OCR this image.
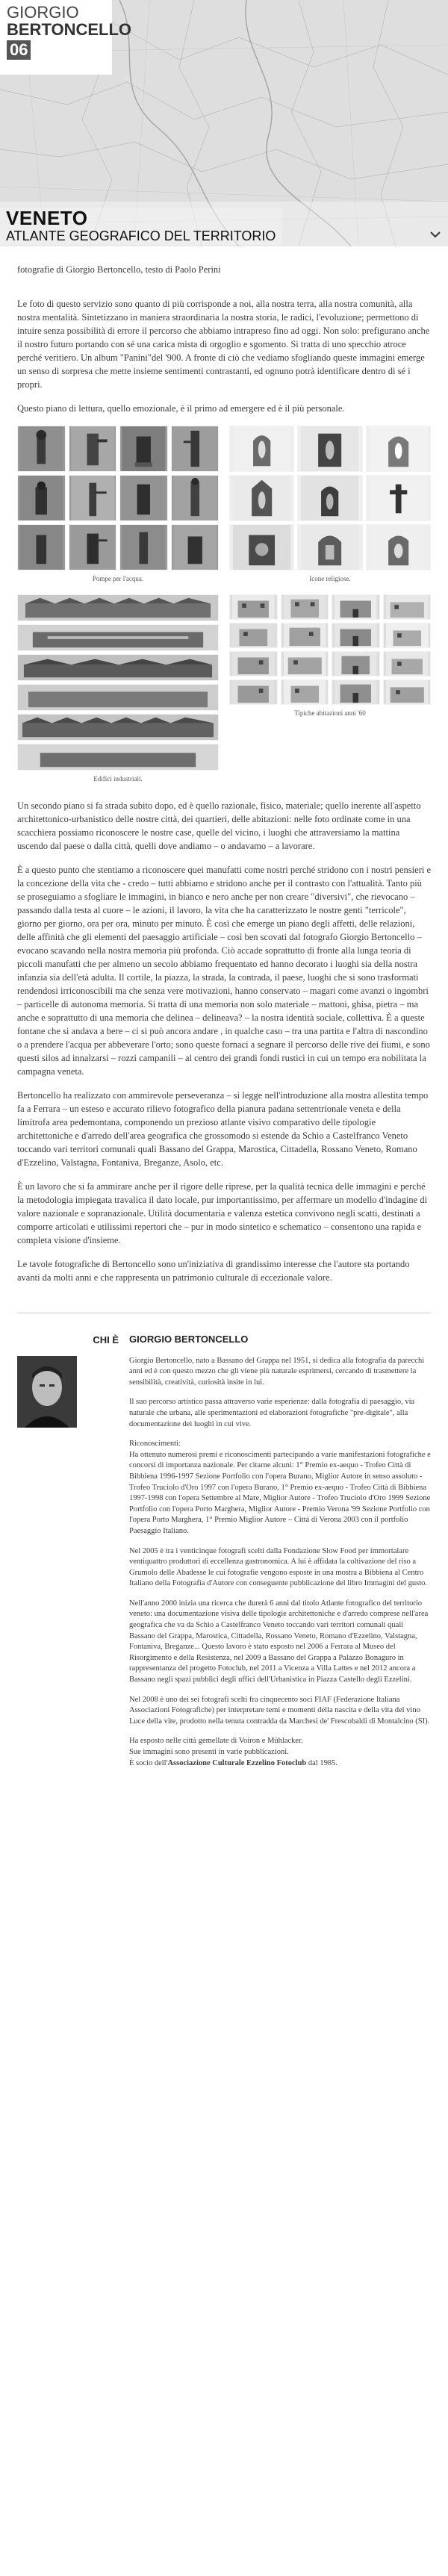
GIORGIO
BERTONCELLO
06
VENETO
ATLANTE GEOGRAFICO DEL TERRITORIO

fotografie di Giorgio Bertoncello, testo di Paolo Perini

Le foto di questo servizio sono quanto di più corrisponde a noi, alla nostra terra, alla nostra comunità, alla nostra mentalità. Sintetizzano in maniera straordinaria la nostra storia, le radici, l'evoluzione; permettono di intuire senza possibilità di errore il percorso che abbiamo intrapreso fino ad oggi. Non solo: prefigurano anche il nostro futuro portando con sé una carica mista di orgoglio e sgomento. Si tratta di uno specchio atroce perché veritiero. Un album "Panini"del '900. A fronte di ciò che vediamo sfogliando queste immagini emerge un senso di sorpresa che mette insieme sentimenti contrastanti, ed ognuno potrà identificare dentro di sé i propri.

Questo piano di lettura, quello emozionale, è il primo ad emergere ed è il più personale.

Pompe per l'acqua.	Icone religiose.
Edifici industriali.
Tipiche abitazioni anni '60

Un secondo piano si fa strada subito dopo, ed è quello razionale, fisico, materiale; quello inerente all'aspetto architettonico-urbanistico delle nostre città, dei quartieri, delle abitazioni: nelle foto ordinate come in una scacchiera possiamo riconoscere le nostre case, quelle del vicino, i luoghi che attraversiamo la mattina uscendo dal paese o dalla città, quelli dove andiamo – o andavamo – a lavorare.

È a questo punto che stentiamo a riconoscere quei manufatti come nostri perché stridono con i nostri pensieri e la concezione della vita che - credo – tutti abbiamo e stridono anche per il contrasto con l'attualità. Tanto più se proseguiamo a sfogliare le immagini, in bianco e nero anche per non creare "diversivi", che rievocano – passando dalla testa al cuore – le azioni, il lavoro, la vita che ha caratterizzato le nostre genti "terricole", giorno per giorno, ora per ora, minuto per minuto. È così che emerge un piano degli affetti, delle relazioni, delle affinità che gli elementi del paesaggio artificiale – così ben scovati dal fotografo Giorgio Bertoncello – evocano scavando nella nostra memoria più profonda. Ciò accade soprattutto di fronte alla lunga teoria di piccoli manufatti che per almeno un secolo abbiamo frequentato ed hanno decorato i luoghi sia della nostra infanzia sia dell'età adulta. Il cortile, la piazza, la strada, la contrada, il paese, luoghi che si sono trasformati rendendosi irriconoscibili ma che senza vere motivazioni, hanno conservato – magari come avanzi o ingombri – particelle di autonoma memoria. Si tratta di una memoria non solo materiale – mattoni, ghisa, pietra – ma anche e soprattutto di una memoria che delinea – delineava? – la nostra identità sociale, collettiva. È a queste fontane che si andava a bere – ci si può ancora andare , in qualche caso – tra una partita e l'altra di nascondino o a prendere l'acqua per abbeverare l'orto; sono queste fornaci a segnare il percorso delle rive dei fiumi, e sono questi silos ad innalzarsi – rozzi campanili – al centro dei grandi fondi rustici in cui un tempo era nobilitata la campagna veneta.

Bertoncello ha realizzato con ammirevole perseveranza – si legge nell'introduzione alla mostra allestita tempo fa a Ferrara – un esteso e accurato rilievo fotografico della pianura padana settentrionale veneta e della limitrofa area pedemontana, componendo un prezioso atlante visivo comparativo delle tipologie architettoniche e d'arredo dell'area geografica che grossomodo si estende da Schio a Castelfranco Veneto toccando vari territori comunali quali Bassano del Grappa, Marostica, Cittadella, Rossano Veneto, Romano d'Ezzelino, Valstagna, Fontaniva, Breganze, Asolo, etc.

È un lavoro che si fa ammirare anche per il rigore delle riprese, per la qualità tecnica delle immagini e perché la metodologia impiegata travalica il dato locale, pur importantissimo, per affermare un modello d'indagine di valore nazionale e sopranazionale. Utilità documentaria e valenza estetica convivono negli scatti, destinati a comporre articolati e utilissimi repertori che – pur in modo sintetico e schematico – consentono una rapida e completa visione d'insieme.

Le tavole fotografiche di Bertoncello sono un'iniziativa di grandissimo interesse che l'autore sta portando avanti da molti anni e che rappresenta un patrimonio culturale di eccezionale valore.

CHI È GIORGIO BERTONCELLO

Giorgio Bertoncello, nato a Bassano del Grappa nel 1951, si dedica alla fotografia da parecchi anni ed è con questo mezzo che gli viene più naturale esprimersi, cercando di trasmettere la sensibilità, creatività, curiosità insite in lui.

Il suo percorso artistico passa attraverso varie esperienze: dalla fotografia di paesaggio, via naturale che urbana, alle sperimentazioni ed elaborazioni fotografiche "pre-digitale", alla documentazione dei luoghi in cui vive.

Riconoscimenti:

Ha ottenuto numerosi premi e riconoscimenti partecipando a varie manifestazioni fotografiche e concorsi di importanza nazionale. Per citarne alcuni: 1° Premio ex-aequo - Trofeo Città di Bibbiena 1996-1997 Sezione Portfolio con l'opera Burano, Miglior Autore in senso assoluto - Trofeo Truciolo d'Oro 1997 con l'opera Burano, 1° Premio ex-aequo - Trofeo Città di Bibbiena 1997-1998 con l'opera Settembre al Mare, Miglior Autore - Trofeo Truciolo d'Oro 1999 Sezione Portfolio con l'opera Porto Marghera, Miglior Autore - Premio Verona '99 Sezione Portfolio con l'opera Porto Marghera, 1° Premio Miglior Autore – Città di Verona 2003 con il portfolio Paesaggio Italiano.

Nel 2005 è tra i venticinque fotografi scelti dalla Fondazione Slow Food per immortalare ventiquattro produttori di eccellenza gastronomica. A lui è affidata la coltivazione del riso a Grumolo delle Abadesse le cui fotografie vengono esposte in una mostra a Bibbiena al Centro Italiano della Fotografia d'Autore con conseguente pubblicazione del libro Immagini del gusto.

Nell'anno 2000 inizia una ricerca che durerà 6 anni dal titolo Atlante fotografico del territorio veneto: una documentazione visiva delle tipologie architettoniche e d'arredo comprese nell'area geografica che va da Schio a Castelfranco Veneto toccando vari territori comunali quali Bassano del Grappa, Marostica, Cittadella, Rossano Veneto, Romano d'Ezzelino, Valstagna, Fontaniva, Breganze... Questo lavoro è stato esposto nel 2006 a Ferrara al Museo del Risorgimento e della Resistenza, nel 2009 a Bassano del Grappa a Palazzo Bonaguro in rappresentanza del progetto Fotoclub, nel 2011 a Vicenza a Villa Lattes e nel 2012 ancora a Bassano negli spazi pubblici degli uffici dell'Urbanistica in Piazza Castello degli Ezzelini.

Nel 2008 è uno dei sei fotografi scelti fra cinquecento soci FIAF (Federazione Italiana Associazioni Fotografiche) per interpretare temi e momenti della nascita e della vita del vino Luce della vite, prodotto nella tenuta contradda da Marchesi de' Frescobaldi di Montalcino (SI).

Ha esposto nelle città gemellate di Voiron e Mühlacker.

Sue immagini sono presenti in varie pubblicazioni.

È socio dell'Associazione Culturale Ezzelino Fotoclub dal 1985.
